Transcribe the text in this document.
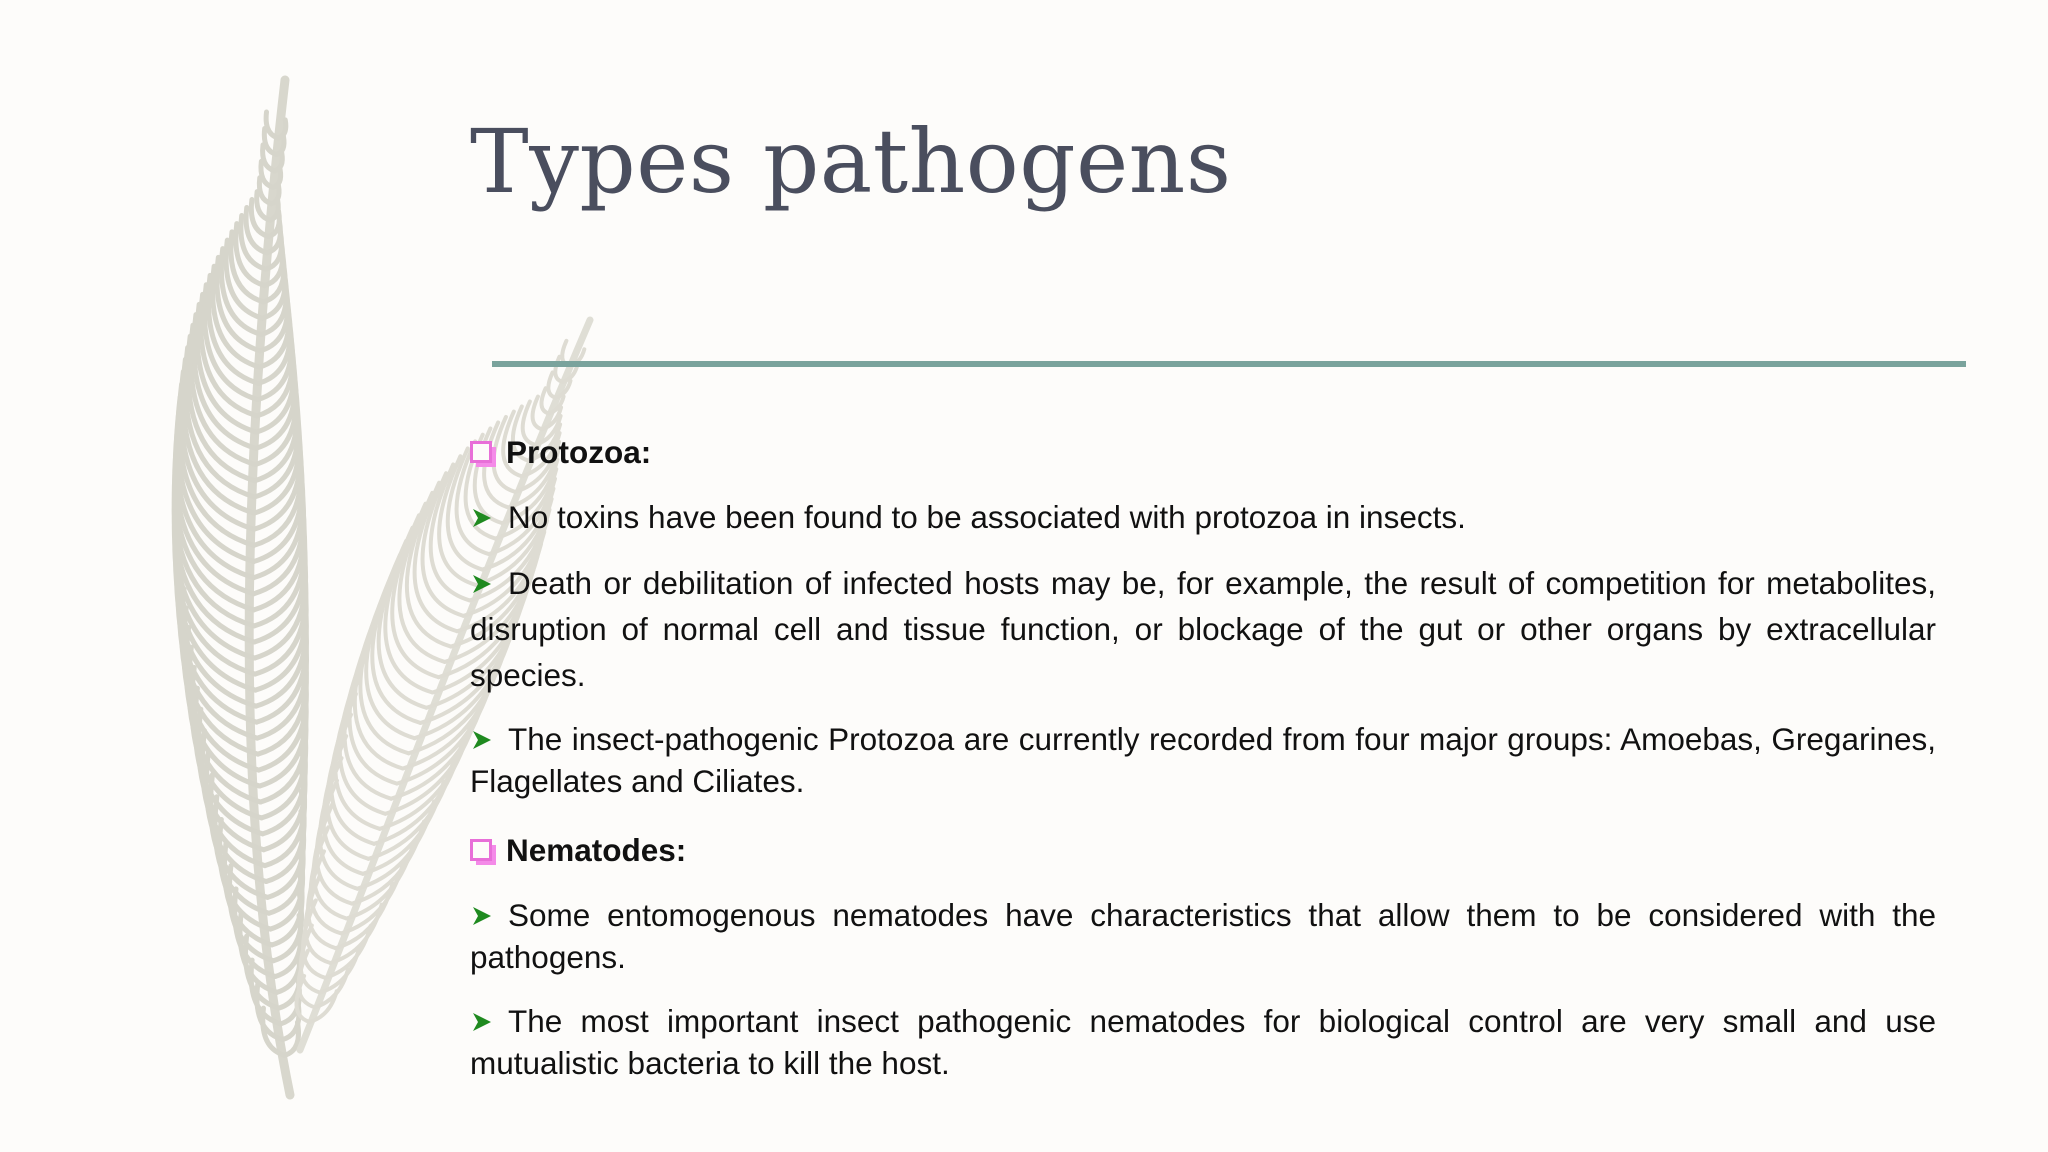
Types pathogens
Protozoa:
No toxins have been found to be associated with protozoa in insects.
Death or debilitation of infected hosts may be, for example, the result of competition for metabolites, disruption of normal cell and tissue function, or blockage of the gut or other organs by extracellular species.
The insect-pathogenic Protozoa are currently recorded from four major groups: Amoebas, Gregarines, Flagellates and Ciliates.
Nematodes:
Some entomogenous nematodes have characteristics that allow them to be considered with the pathogens.
The most important insect pathogenic nematodes for biological control are very small and use mutualistic bacteria to kill the host.
